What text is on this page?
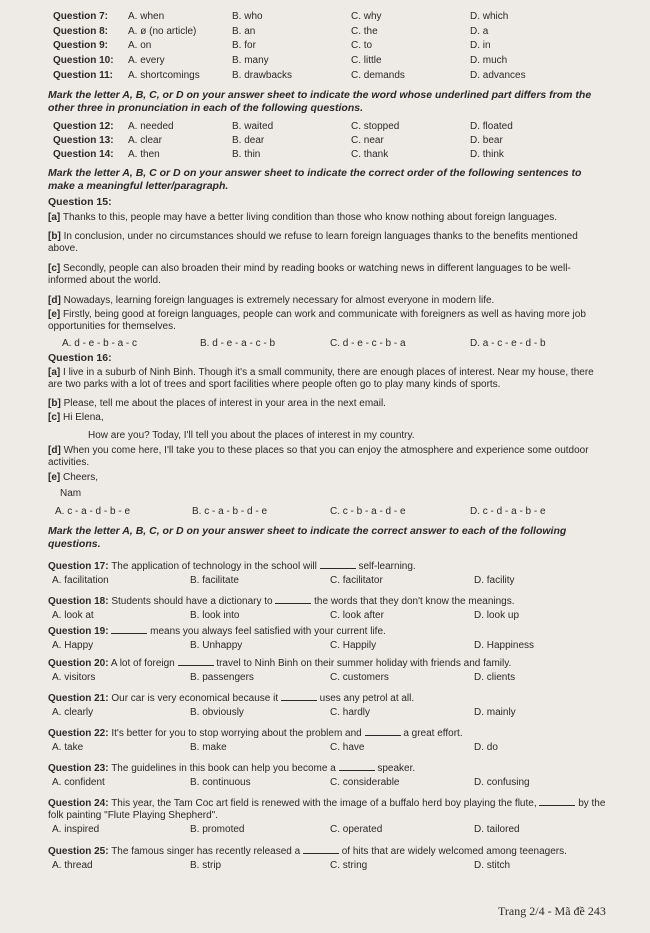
Question 7: A. when	B. who	C. why	D. which
Question 8: A. ø (no article)	B. an	C. the	D. a
Question 9: A. on	B. for	C. to	D. in
Question 10: A. every	B. many	C. little	D. much
Question 11: A. shortcomings	B. drawbacks	C. demands	D. advances
Mark the letter A, B, C, or D on your answer sheet to indicate the word whose underlined part differs from the other three in pronunciation in each of the following questions.
Question 12: A. needed	B. waited	C. stopped	D. floated
Question 13: A. clear	B. dear	C. near	D. bear
Question 14: A. then	B. thin	C. thank	D. think
Mark the letter A, B, C or D on your answer sheet to indicate the correct order of the following sentences to make a meaningful letter/paragraph.
Question 15:
[a] Thanks to this, people may have a better living condition than those who know nothing about foreign languages.
[b] In conclusion, under no circumstances should we refuse to learn foreign languages thanks to the benefits mentioned above.
[c] Secondly, people can also broaden their mind by reading books or watching news in different languages to be well-informed about the world.
[d] Nowadays, learning foreign languages is extremely necessary for almost everyone in modern life.
[e] Firstly, being good at foreign languages, people can work and communicate with foreigners as well as having more job opportunities for themselves.
A. d - e - b - a - c	B. d - e - a - c - b	C. d - e - c - b - a	D. a - c - e - d - b
Question 16:
[a] I live in a suburb of Ninh Binh. Though it's a small community, there are enough places of interest. Near my house, there are two parks with a lot of trees and sport facilities where people often go to play many kinds of sports.
[b] Please, tell me about the places of interest in your area in the next email.
[c] Hi Elena,
How are you? Today, I'll tell you about the places of interest in my country.
[d] When you come here, I'll take you to these places so that you can enjoy the atmosphere and experience some outdoor activities.
[e] Cheers,
Nam
A. c - a - d - b - e	B. c - a - b - d - e	C. c - b - a - d - e	D. c - d - a - b - e
Mark the letter A, B, C, or D on your answer sheet to indicate the correct answer to each of the following questions.
Question 17: The application of technology in the school will	self-learning.
A. facilitation	B. facilitate	C. facilitator	D. facility
Question 18: Students should have a dictionary to	the words that they don't know the meanings.
A. look at	B. look into	C. look after	D. look up
Question 19:	means you always feel satisfied with your current life.
A. Happy	B. Unhappy	C. Happily	D. Happiness
Question 20: A lot of foreign	travel to Ninh Binh on their summer holiday with friends and family.
A. visitors	B. passengers	C. customers	D. clients
Question 21: Our car is very economical because it	uses any petrol at all.
A. clearly	B. obviously	C. hardly	D. mainly
Question 22: It's better for you to stop worrying about the problem and	a great effort.
A. take	B. make	C. have	D. do
Question 23: The guidelines in this book can help you become a	speaker.
A. confident	B. continuous	C. considerable	D. confusing
Question 24: This year, the Tam Coc art field is renewed with the image of a buffalo herd boy playing the flute,	by the folk painting "Flute Playing Shepherd".
A. inspired	B. promoted	C. operated	D. tailored
Question 25: The famous singer has recently released a	of hits that are widely welcomed among teenagers.
A. thread	B. strip	C. string	D. stitch
Trang 2/4 - Mã đề 243
